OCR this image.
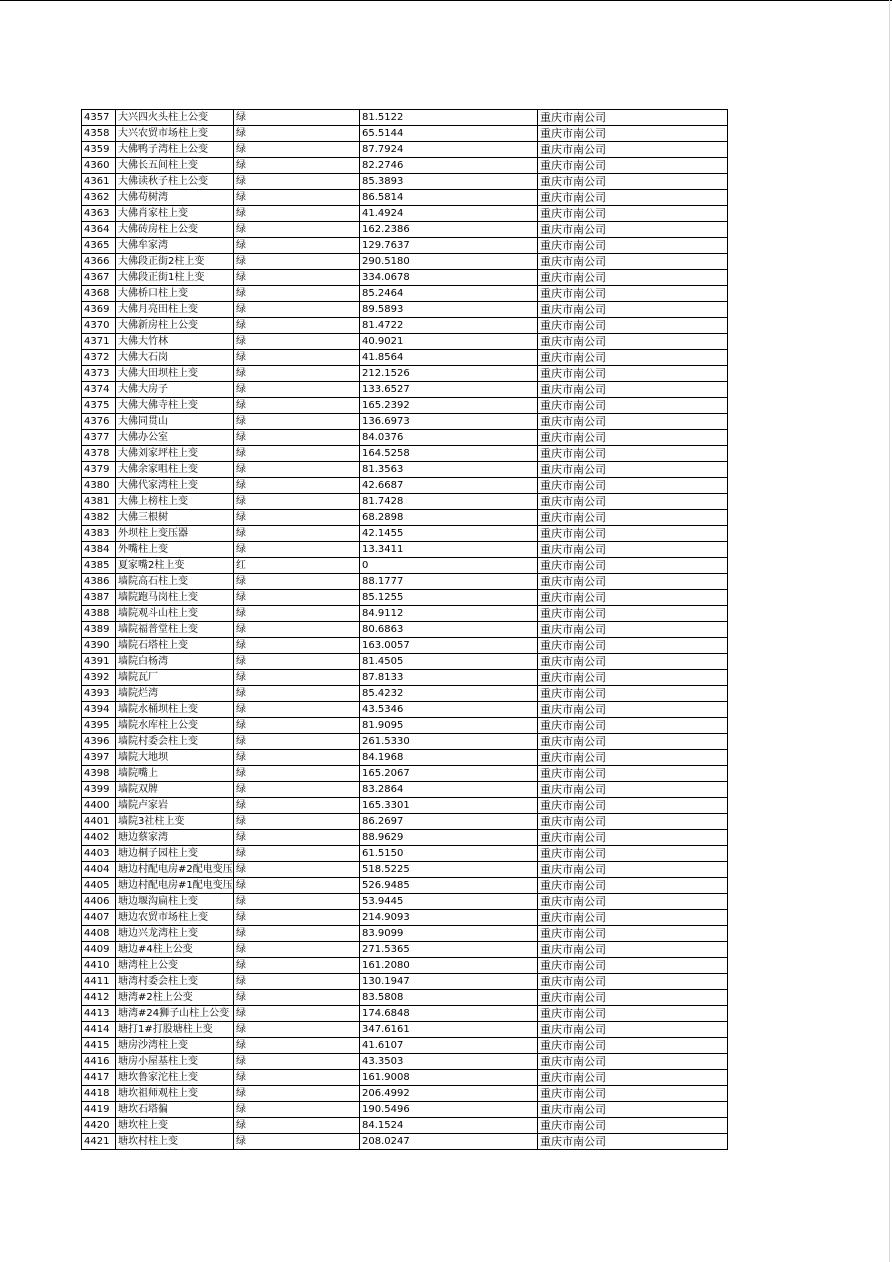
4357	大兴四火头柱上公变	绿	81.5122	重庆市南公司
4358	大兴农贸市场柱上变	绿	65.5144	重庆市南公司
4359	大佛鸭子湾柱上公变	绿	87.7924	重庆市南公司
4360	大佛长五间柱上变	绿	82.2746	重庆市南公司
4361	大佛读秋子柱上公变	绿	85.3893	重庆市南公司
4362	大佛苟树湾	绿	86.5814	重庆市南公司
4363	大佛肖家柱上变	绿	41.4924	重庆市南公司
4364	大佛砖房柱上公变	绿	162.2386	重庆市南公司
4365	大佛牟家湾	绿	129.7637	重庆市南公司
4366	大佛段正街2柱上变	绿	290.5180	重庆市南公司
4367	大佛段正街1柱上变	绿	334.0678	重庆市南公司
4368	大佛桥口柱上变	绿	85.2464	重庆市南公司
4369	大佛月亮田柱上变	绿	89.5893	重庆市南公司
4370	大佛新房柱上公变	绿	81.4722	重庆市南公司
4371	大佛大竹林	绿	40.9021	重庆市南公司
4372	大佛大石岗	绿	41.8564	重庆市南公司
4373	大佛大田坝柱上变	绿	212.1526	重庆市南公司
4374	大佛大房子	绿	133.6527	重庆市南公司
4375	大佛大佛寺柱上变	绿	165.2392	重庆市南公司
4376	大佛同贯山	绿	136.6973	重庆市南公司
4377	大佛办公室	绿	84.0376	重庆市南公司
4378	大佛刘家坪柱上变	绿	164.5258	重庆市南公司
4379	大佛余家咀柱上变	绿	81.3563	重庆市南公司
4380	大佛代家湾柱上变	绿	42.6687	重庆市南公司
4381	大佛上榜柱上变	绿	81.7428	重庆市南公司
4382	大佛三根树	绿	68.2898	重庆市南公司
4383	外坝柱上变压器	绿	42.1455	重庆市南公司
4384	外嘴柱上变	绿	13.3411	重庆市南公司
4385	夏家嘴2柱上变	红	0	重庆市南公司
4386	墙院高石柱上变	绿	88.1777	重庆市南公司
4387	墙院跑马岗柱上变	绿	85.1255	重庆市南公司
4388	墙院观斗山柱上变	绿	84.9112	重庆市南公司
4389	墙院福普堂柱上变	绿	80.6863	重庆市南公司
4390	墙院石塔柱上变	绿	163.0057	重庆市南公司
4391	墙院白杨湾	绿	81.4505	重庆市南公司
4392	墙院瓦厂	绿	87.8133	重庆市南公司
4393	墙院烂湾	绿	85.4232	重庆市南公司
4394	墙院水桶坝柱上变	绿	43.5346	重庆市南公司
4395	墙院水库柱上公变	绿	81.9095	重庆市南公司
4396	墙院村委会柱上变	绿	261.5330	重庆市南公司
4397	墙院大地坝	绿	84.1968	重庆市南公司
4398	墙院嘴上	绿	165.2067	重庆市南公司
4399	墙院双牌	绿	83.2864	重庆市南公司
4400	墙院卢家岩	绿	165.3301	重庆市南公司
4401	墙院3社柱上变	绿	86.2697	重庆市南公司
4402	塘边蔡家湾	绿	88.9629	重庆市南公司
4403	塘边桐子园柱上变	绿	61.5150	重庆市南公司
4404	塘边村配电房#2配电变压	绿	518.5225	重庆市南公司
4405	塘边村配电房#1配电变压	绿	526.9485	重庆市南公司
4406	塘边堰沟扁柱上变	绿	53.9445	重庆市南公司
4407	塘边农贸市场柱上变	绿	214.9093	重庆市南公司
4408	塘边兴龙湾柱上变	绿	83.9099	重庆市南公司
4409	塘边#4柱上公变	绿	271.5365	重庆市南公司
4410	塘湾柱上公变	绿	161.2080	重庆市南公司
4411	塘湾村委会柱上变	绿	130.1947	重庆市南公司
4412	塘湾#2柱上公变	绿	83.5808	重庆市南公司
4413	塘湾#24狮子山柱上公变	绿	174.6848	重庆市南公司
4414	塘打1#打股塘柱上变	绿	347.6161	重庆市南公司
4415	塘房沙湾柱上变	绿	41.6107	重庆市南公司
4416	塘房小屋基柱上变	绿	43.3503	重庆市南公司
4417	塘坎鲁家沱柱上变	绿	161.9008	重庆市南公司
4418	塘坎祖师观柱上变	绿	206.4992	重庆市南公司
4419	塘坎石塔徧	绿	190.5496	重庆市南公司
4420	塘坎柱上变	绿	84.1524	重庆市南公司
4421	塘坎村柱上变	绿	208.0247	重庆市南公司
